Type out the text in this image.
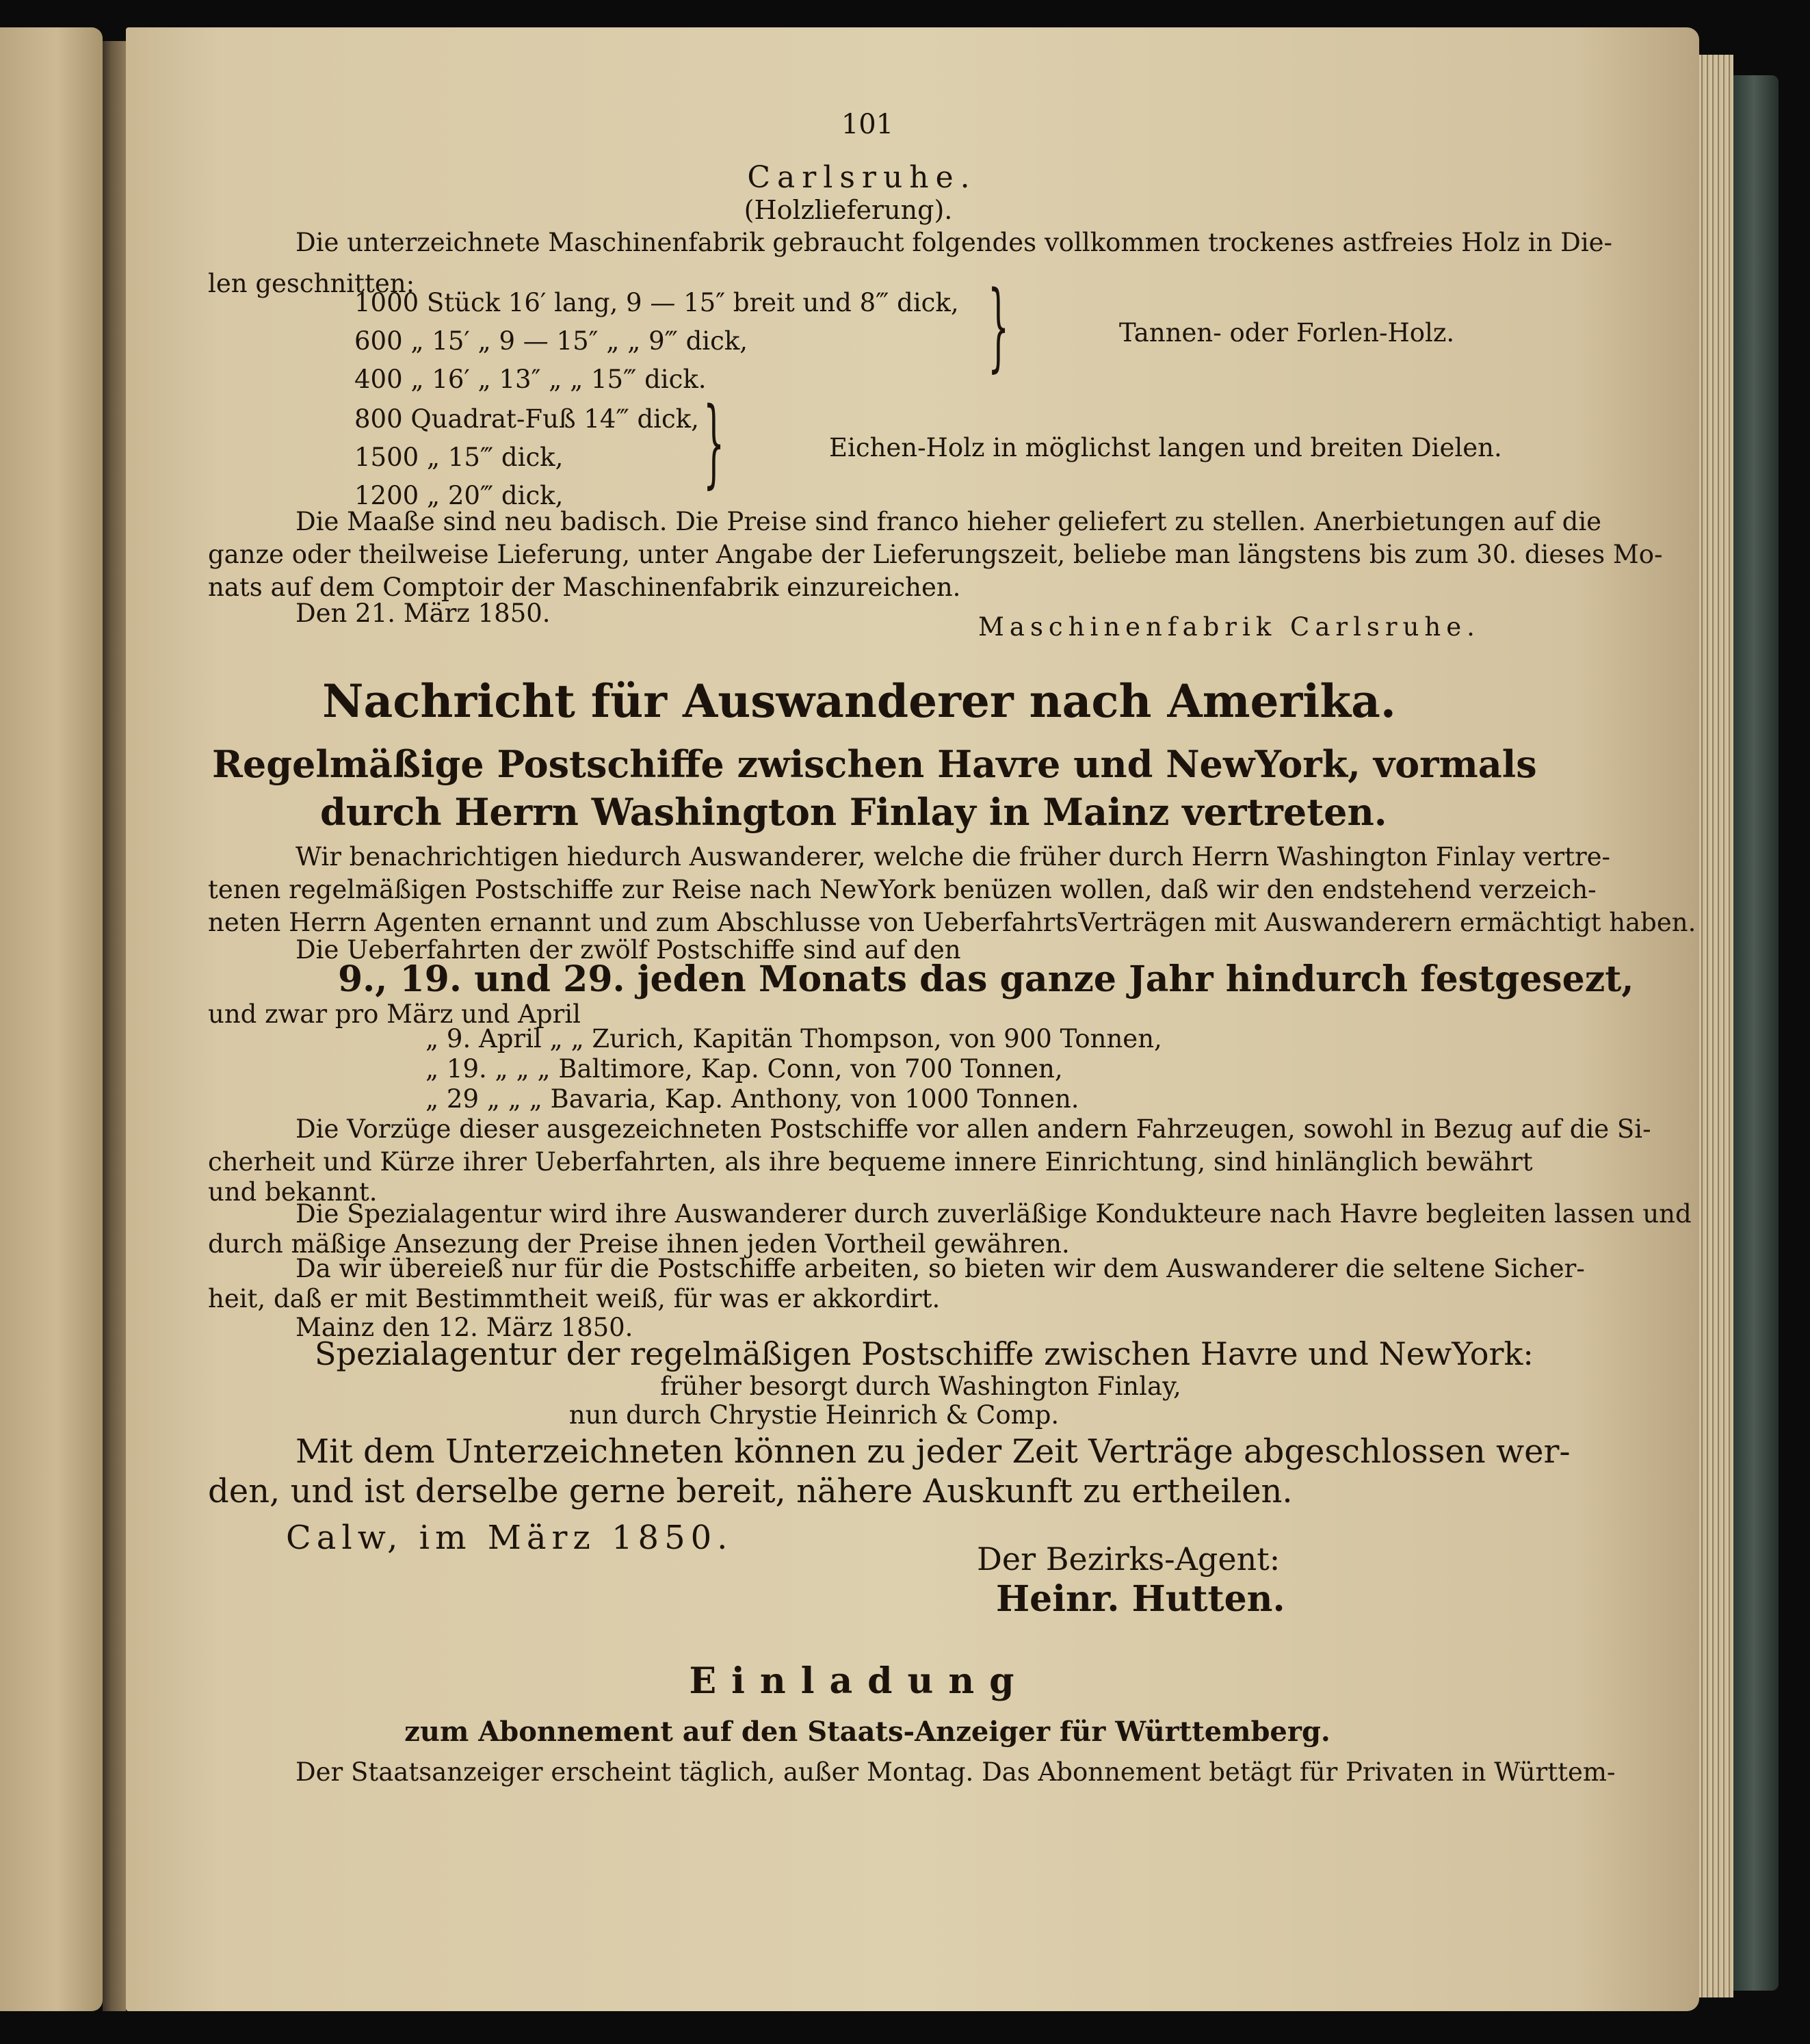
101
Carlsruhe.
(Holzlieferung).
Die unterzeichnete Maschinenfabrik gebraucht folgendes vollkommen trockenes astfreies Holz in Die-
len geschnitten:
1000 Stück 16′ lang, 9 — 15″ breit und 8‴ dick,
600 „ 15′ „ 9 — 15″ „ „ 9‴ dick,
400 „ 16′ „ 13″ „ „ 15‴ dick.	}	Tannen- oder Forlen-Holz.
800 Quadrat-Fuß 14‴ dick,
1500 „ 15‴ dick,
1200 „ 20‴ dick, }	Eichen-Holz in möglichst langen und breiten Dielen.
Die Maaße sind neu badisch. Die Preise sind franco hieher geliefert zu stellen. Anerbietungen auf die
ganze oder theilweise Lieferung, unter Angabe der Lieferungszeit, beliebe man längstens bis zum 30. dieses Mo-
nats auf dem Comptoir der Maschinenfabrik einzureichen.
Den 21. März 1850.	Maschinenfabrik Carlsruhe.
Nachricht für Auswanderer nach Amerika.
Regelmäßige Postschiffe zwischen Havre und NewYork, vormals
durch Herrn Washington Finlay in Mainz vertreten.
Wir benachrichtigen hiedurch Auswanderer, welche die früher durch Herrn Washington Finlay vertre-
tenen regelmäßigen Postschiffe zur Reise nach NewYork benüzen wollen, daß wir den endstehend verzeich-
neten Herrn Agenten ernannt und zum Abschlusse von UeberfahrtsVerträgen mit Auswanderern ermächtigt haben.
Die Ueberfahrten der zwölf Postschiffe sind auf den
9., 19. und 29. jeden Monats das ganze Jahr hindurch festgesezt,
und zwar pro März und April
„ 9. April „ „ Zurich, Kapitän Thompson, von 900 Tonnen,
„ 19. „ „ „ Baltimore, Kap. Conn, von 700 Tonnen,
„ 29 „ „ „ Bavaria, Kap. Anthony, von 1000 Tonnen.
Die Vorzüge dieser ausgezeichneten Postschiffe vor allen andern Fahrzeugen, sowohl in Bezug auf die Si-
cherheit und Kürze ihrer Ueberfahrten, als ihre bequeme innere Einrichtung, sind hinlänglich bewährt
und bekannt.
Die Spezialagentur wird ihre Auswanderer durch zuverläßige Kondukteure nach Havre begleiten lassen und
durch mäßige Ansezung der Preise ihnen jeden Vortheil gewähren.
Da wir übereieß nur für die Postschiffe arbeiten, so bieten wir dem Auswanderer die seltene Sicher-
heit, daß er mit Bestimmtheit weiß, für was er akkordirt.
Mainz den 12. März 1850.
Spezialagentur der regelmäßigen Postschiffe zwischen Havre und NewYork:
früher besorgt durch Washington Finlay,
nun durch Chrystie Heinrich & Comp.
Mit dem Unterzeichneten können zu jeder Zeit Verträge abgeschlossen wer-
den, und ist derselbe gerne bereit, nähere Auskunft zu ertheilen.
Calw, im März 1850.
Der Bezirks-Agent:
Heinr. Hutten.
Einladung
zum Abonnement auf den Staats-Anzeiger für Württemberg.
Der Staatsanzeiger erscheint täglich, außer Montag. Das Abonnement betägt für Privaten in Württem-
